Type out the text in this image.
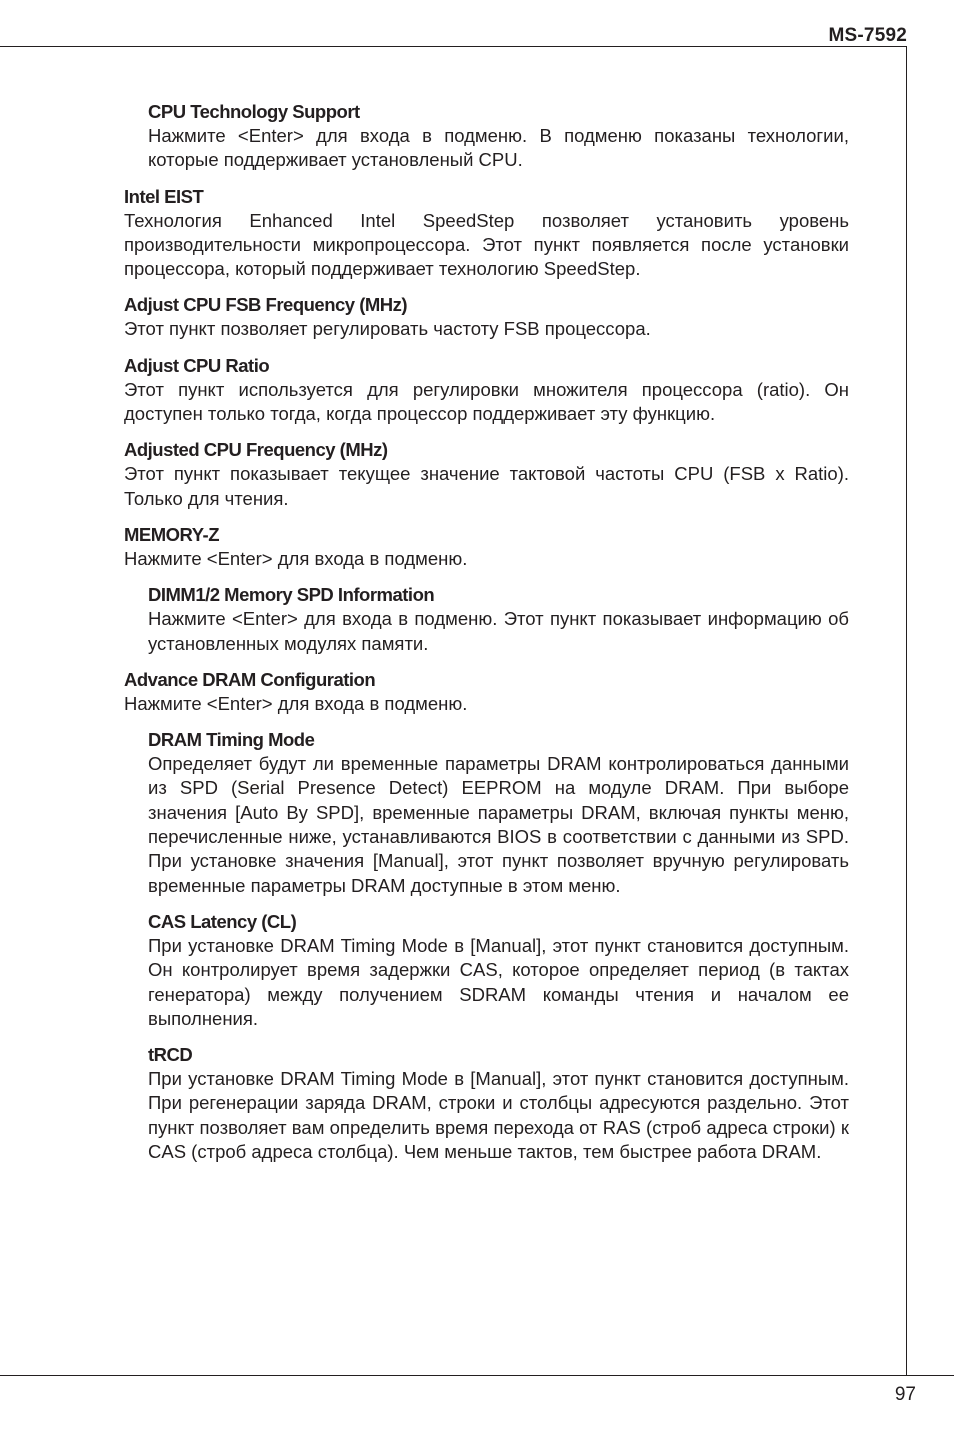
MS-7592
CPU Technology Support

Нажмите <Enter> для входа в подменю. В подменю показаны технологии, которые поддерживает установленый CPU.

Intel EIST

Технология Enhanced Intel SpeedStep позволяет установить уровень производительности микропроцессора. Этот пункт появляется после установки процессора, который поддерживает технологию SpeedStep.

Adjust CPU FSB Frequency (MHz)

Этот пункт позволяет регулировать частоту FSB процессора.

Adjust CPU Ratio

Этот пункт используется для регулировки множителя процессора (ratio). Он доступен только тогда, когда процессор поддерживает эту функцию.

Adjusted CPU Frequency (MHz)

Этот пункт показывает текущее значение тактовой частоты CPU (FSB x Ratio). Только для чтения.

MEMORY-Z

Нажмите <Enter> для входа в подменю.

DIMM1/2 Memory SPD Information

Нажмите <Enter> для входа в подменю. Этот пункт показывает информацию об установленных модулях памяти.

Advance DRAM Configuration

Нажмите <Enter> для входа в подменю.

DRAM Timing Mode

Определяет будут ли временные параметры DRAM контролироваться данными из SPD (Serial Presence Detect) EEPROM на модуле DRAM. При выборе значения [Auto By SPD], временные параметры DRAM, включая пункты меню, перечисленные ниже, устанавливаются BIOS в соответствии с данными из SPD. При установке значения [Manual], этот пункт позволяет вручную регулировать временные параметры DRAM доступные в этом меню.

CAS Latency (CL)

При установке DRAM Timing Mode в [Manual], этот пункт становится доступным. Он контролирует время задержки CAS, которое определяет период (в тактах генератора) между получением SDRAM команды чтения и началом ее выполнения.

tRCD

При установке DRAM Timing Mode в [Manual], этот пункт становится доступным. При регенерации заряда DRAM, строки и столбцы адресуются раздельно. Этот пункт позволяет вам определить время перехода от RAS (строб адреса строки) к CAS (строб адреса столбца). Чем меньше тактов, тем быстрее работа DRAM.

97
